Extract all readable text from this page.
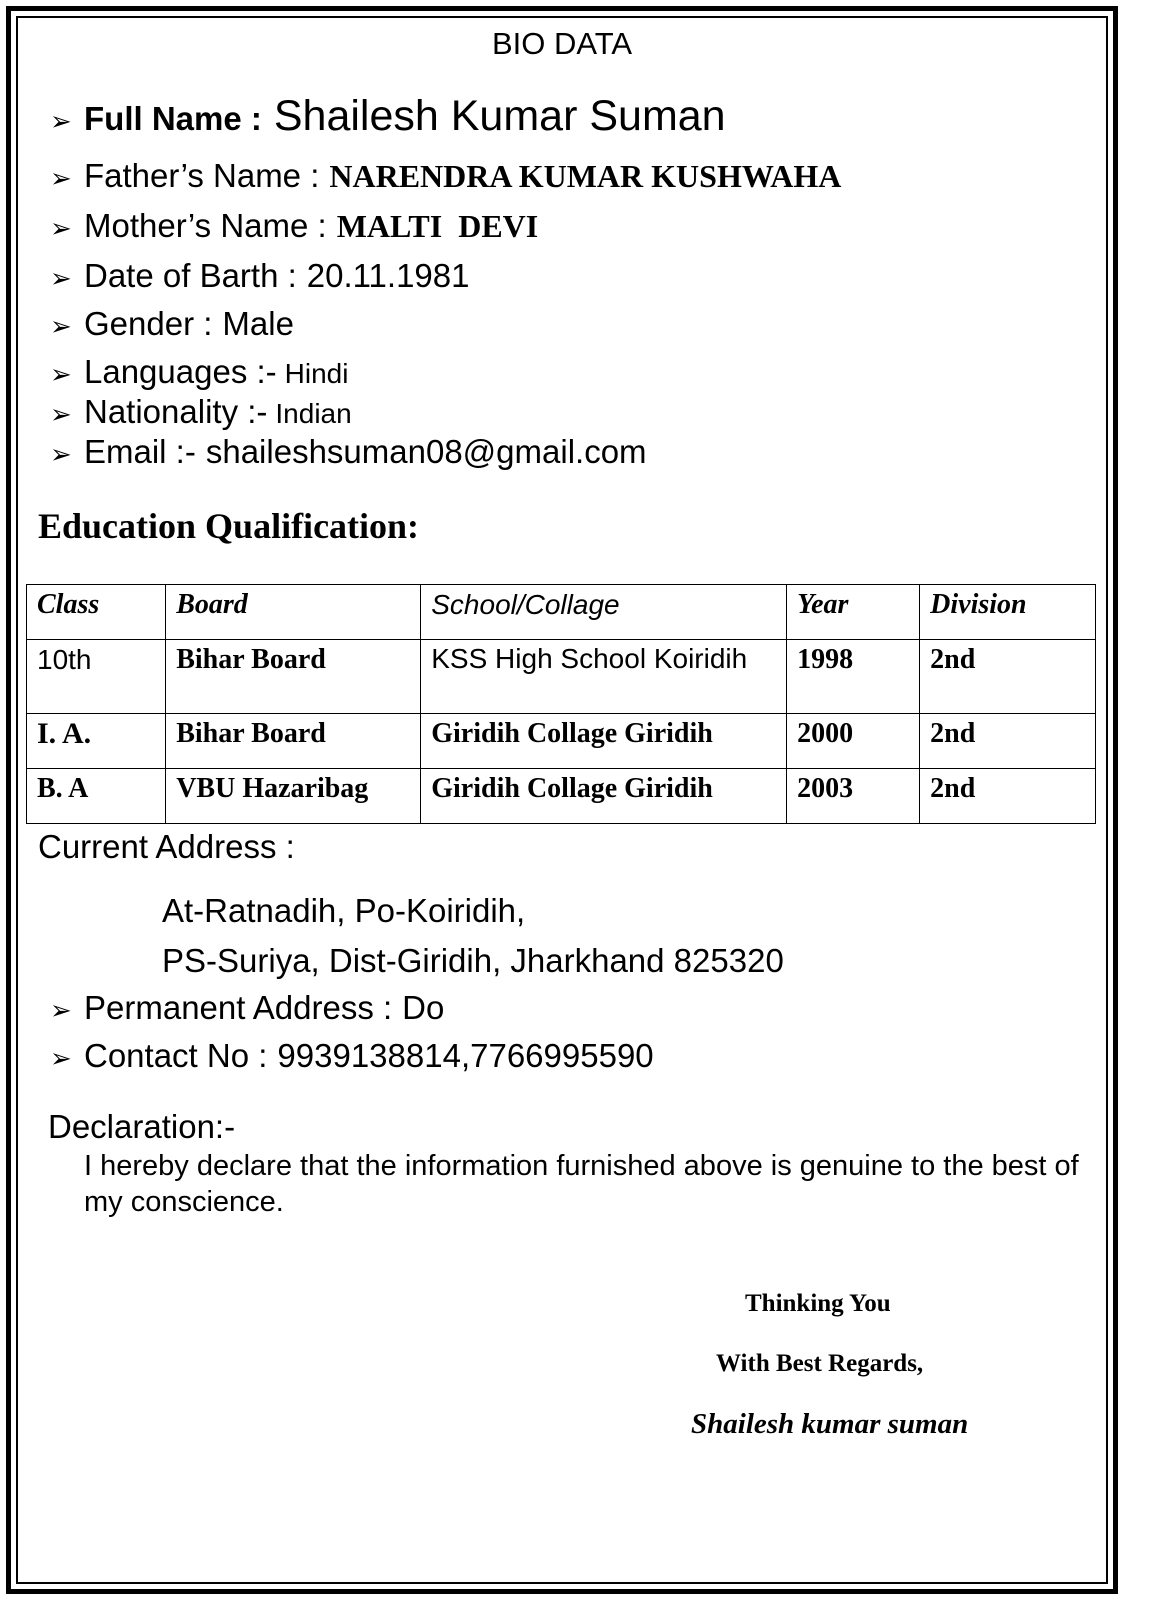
BIO DATA
➢ Full Name : Shailesh Kumar Suman
➢ Father’s Name : NARENDRA KUMAR KUSHWAHA
➢ Mother’s Name : MALTI  DEVI
➢ Date of Barth : 20.11.1981
➢ Gender : Male
➢ Languages :- Hindi
➢ Nationality :- Indian
➢ Email :- shaileshsuman08@gmail.com
Education Qualification:
Class	Board	School/Collage	Year	Division
10th	Bihar Board	KSS High School Koiridih	1998	2nd
I. A.	Bihar Board	Giridih Collage Giridih	2000	2nd
B. A	VBU Hazaribag	Giridih Collage Giridih	2003	2nd
Current Address :
At-Ratnadih, Po-Koiridih,
PS-Suriya, Dist-Giridih, Jharkhand 825320
➢ Permanent Address : Do
➢ Contact No : 9939138814,7766995590
Declaration:-
I hereby declare that the information furnished above is genuine to the best of my conscience.
Thinking You
With Best Regards,
Shailesh kumar suman
